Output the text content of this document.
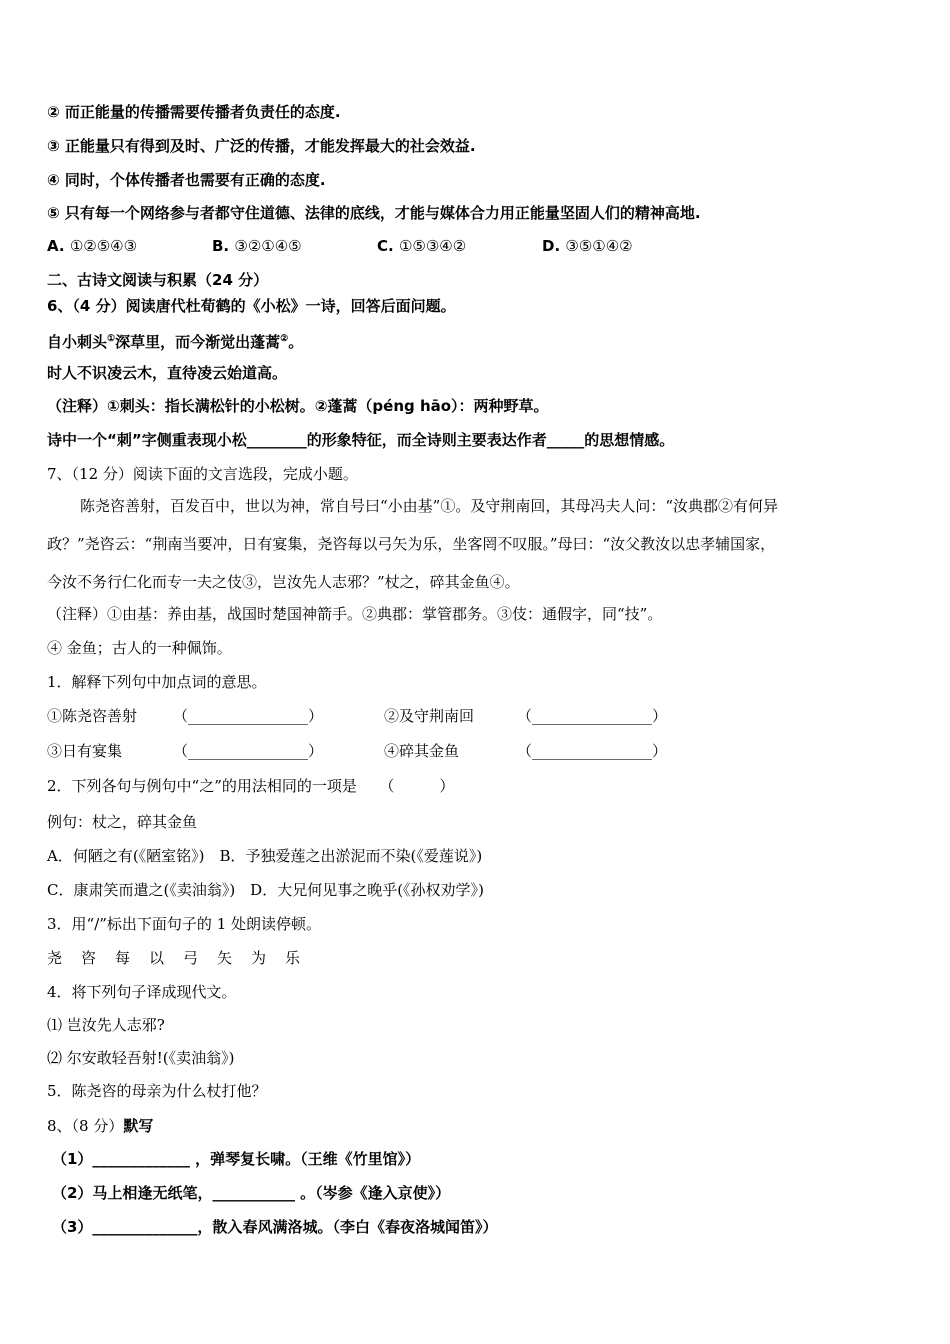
② 而正能量的传播需要传播者负责任的态度.
③ 正能量只有得到及时、广泛的传播，才能发挥最大的社会效益.
④ 同时，个体传播者也需要有正确的态度.
⑤ 只有每一个网络参与者都守住道德、法律的底线，才能与媒体合力用正能量坚固人们的精神高地.
A. ①②⑤④③	B. ③②①④⑤	C. ①⑤③④②	D. ③⑤①④②
二、古诗文阅读与积累（24 分）
6、（4 分）阅读唐代杜荀鹤的《小松》一诗，回答后面问题。
自小刺头①深草里，而今渐觉出蓬蒿②。
时人不识凌云木，直待凌云始道高。
（注释）①刺头：指长满松针的小松树。②蓬蒿（péng hāo）：两种野草。
诗中一个“刺”字侧重表现小松________的形象特征，而全诗则主要表达作者_____的思想情感。
7、（12 分）阅读下面的文言选段，完成小题。
陈尧咨善射，百发百中，世以为神，常自号曰“小由基”①。及守荆南回，其母冯夫人问：“汝典郡②有何异
政？”尧咨云：“荆南当要冲，日有宴集，尧咨每以弓矢为乐，坐客罔不叹服。”母曰：“汝父教汝以忠孝辅国家，
今汝不务行仁化而专一夫之伎③，岂汝先人志邪？”杖之，碎其金鱼④。
（注释）①由基：养由基，战国时楚国神箭手。②典郡：掌管郡务。③伎：通假字，同“技”。
④ 金鱼；古人的一种佩饰。
1．解释下列句中加点词的意思。
①陈尧咨善射 （________________）	②及守荆南回	（________________）
③日有宴集	（________________）	④碎其金鱼	（________________）
2．下列各句与例句中“之”的用法相同的一项是　　（　　　）
例句：杖之，碎其金鱼
A．何陋之有(《陋室铭》)　B．予独爱莲之出淤泥而不染(《爱莲说》)
C．康肃笑而遣之(《卖油翁》)　D．大兄何见事之晚乎(《孙权劝学》)
3．用“/”标出下面句子的 1 处朗读停顿。
尧 咨 每 以 弓 矢 为 乐
4．将下列句子译成现代文。
⑴ 岂汝先人志邪?
⑵ 尔安敢轻吾射!(《卖油翁》)
5．陈尧咨的母亲为什么杖打他？
8、（8 分）默写
（1）_____________ ，弹琴复长啸。（王维《竹里馆》）
（2）马上相逢无纸笔，___________ 。（岑参《逢入京使》）
（3）______________，散入春风满洛城。（李白《春夜洛城闻笛》）
